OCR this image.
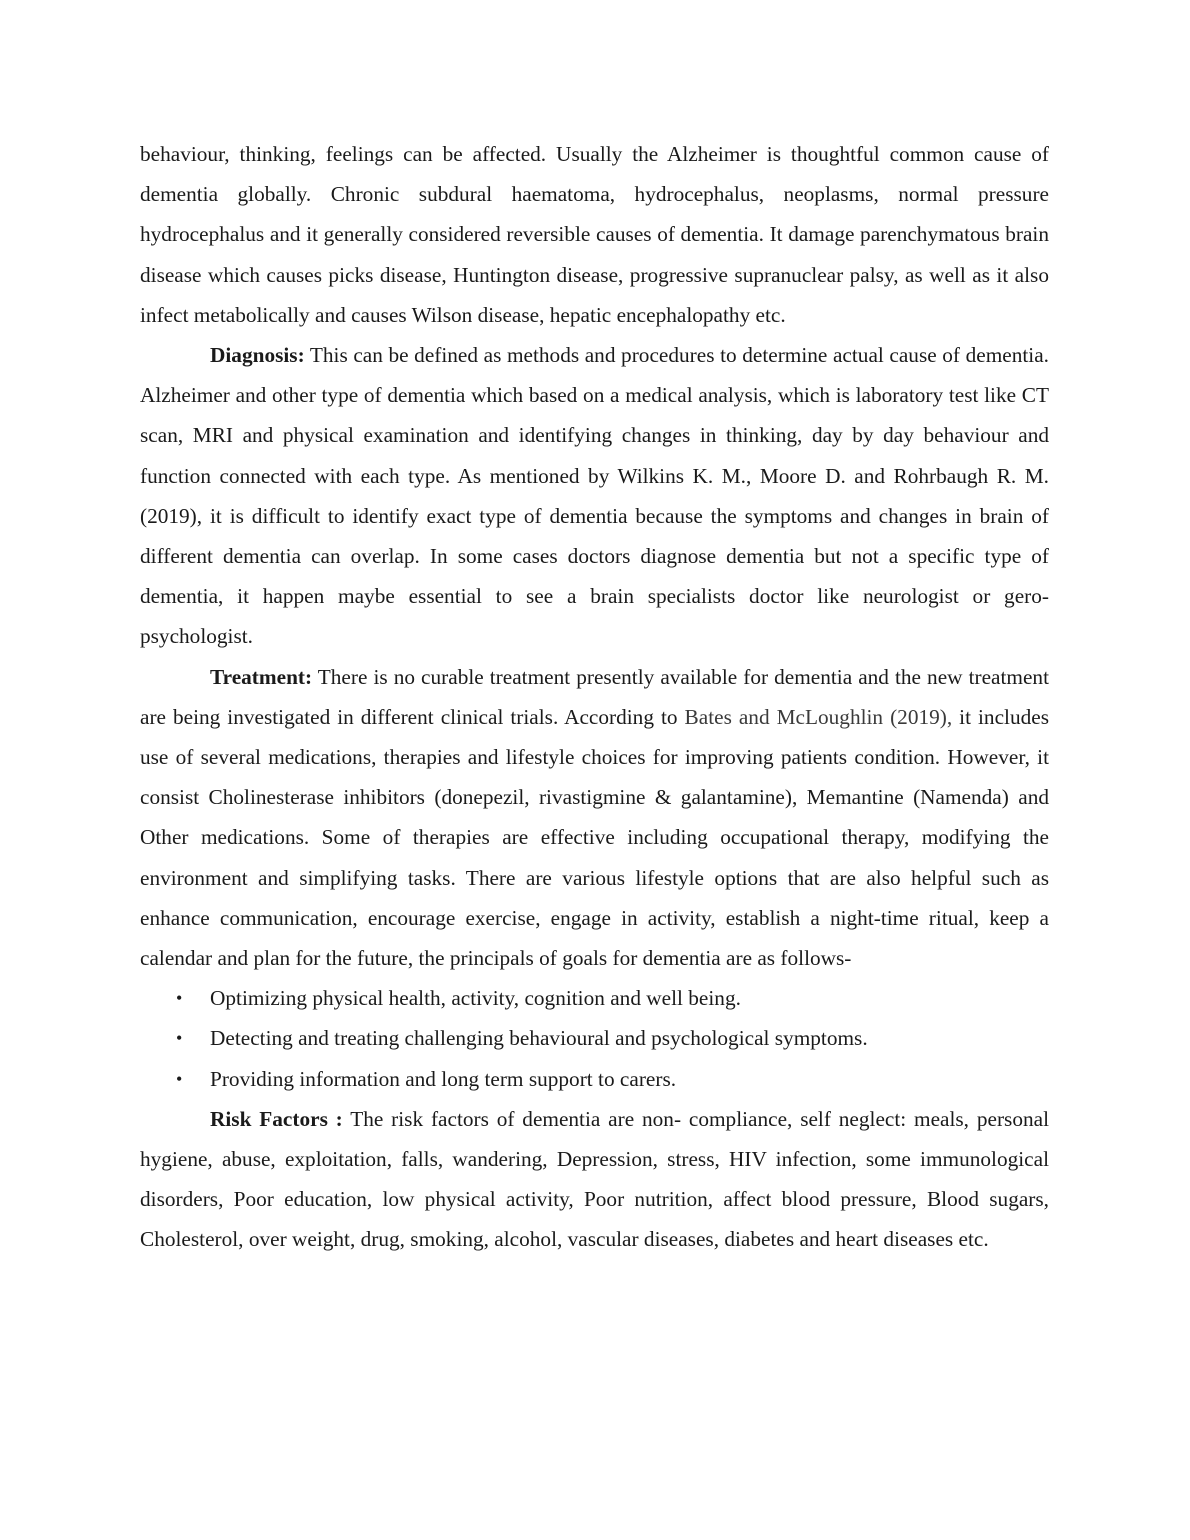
behaviour, thinking, feelings can be affected. Usually the Alzheimer is thoughtful common cause of dementia globally. Chronic subdural haematoma, hydrocephalus, neoplasms, normal pressure hydrocephalus and it generally considered reversible causes of dementia. It damage parenchymatous brain disease which causes picks disease, Huntington disease, progressive supranuclear palsy, as well as it also infect metabolically and causes Wilson disease, hepatic encephalopathy etc.

Diagnosis: This can be defined as methods and procedures to determine actual cause of dementia. Alzheimer and other type of dementia which based on a medical analysis, which is laboratory test like CT scan, MRI and physical examination and identifying changes in thinking, day by day behaviour and function connected with each type. As mentioned by Wilkins K. M., Moore D. and Rohrbaugh R. M. (2019), it is difficult to identify exact type of dementia because the symptoms and changes in brain of different dementia can overlap. In some cases doctors diagnose dementia but not a specific type of dementia, it happen maybe essential to see a brain specialists doctor like neurologist or gero- psychologist.

Treatment: There is no curable treatment presently available for dementia and the new treatment are being investigated in different clinical trials. According to Bates and McLoughlin (2019), it includes use of several medications, therapies and lifestyle choices for improving patients condition. However, it consist Cholinesterase inhibitors (donepezil, rivastigmine & galantamine), Memantine (Namenda) and Other medications. Some of therapies are effective including occupational therapy, modifying the environment and simplifying tasks. There are various lifestyle options that are also helpful such as enhance communication, encourage exercise, engage in activity, establish a night-time ritual, keep a calendar and plan for the future, the principals of goals for dementia are as follows-

• Optimizing physical health, activity, cognition and well being.
• Detecting and treating challenging behavioural and psychological symptoms.
• Providing information and long term support to carers.

Risk Factors : The risk factors of dementia are non- compliance, self neglect: meals, personal hygiene, abuse, exploitation, falls, wandering, Depression, stress, HIV infection, some immunological disorders, Poor education, low physical activity, Poor nutrition, affect blood pressure, Blood sugars, Cholesterol, over weight, drug, smoking, alcohol, vascular diseases, diabetes and heart diseases etc.
